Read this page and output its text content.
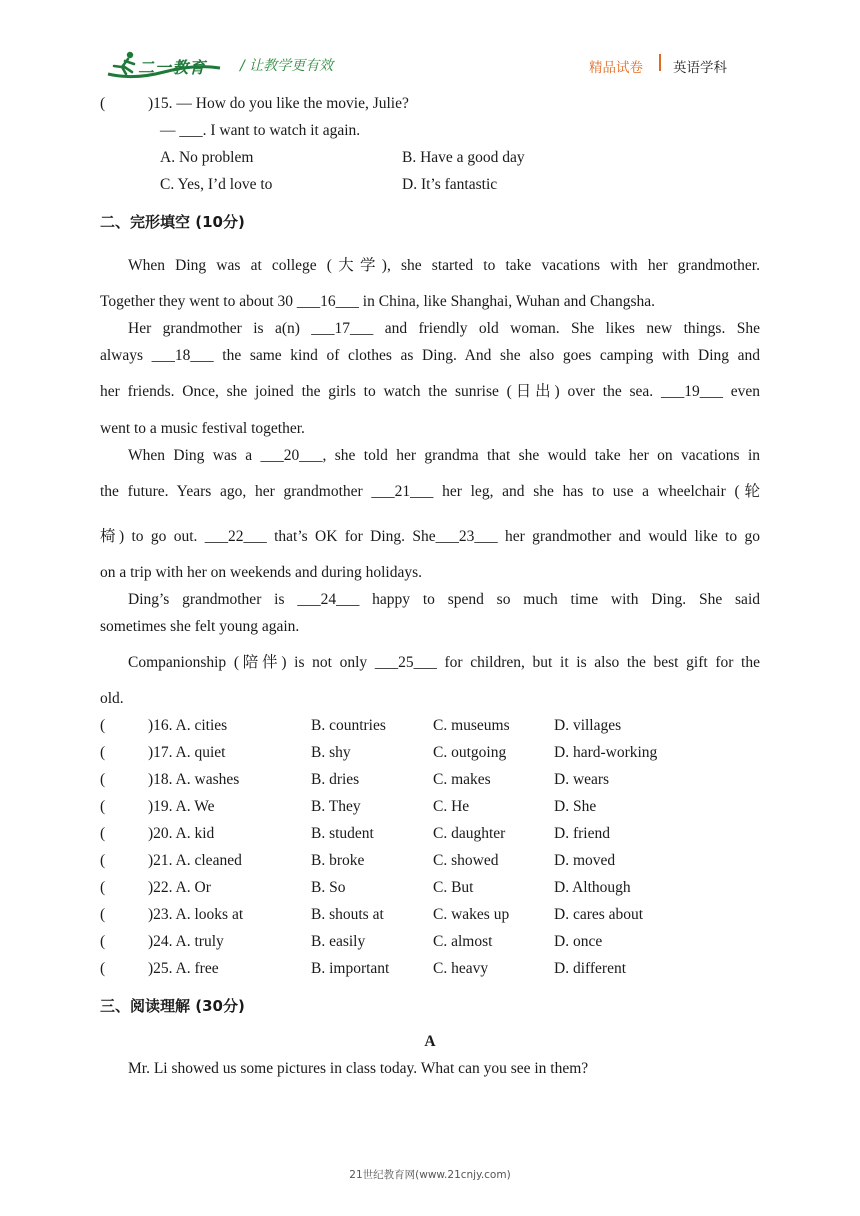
二一教育 / 让教学更有效	精品试卷 英语学科
(	)15. — How do you like the movie, Julie?
— ___. I want to watch it again.
A. No problem	B. Have a good day
C. Yes, I’d love to	D. It’s fantastic
二、完形填空 (10分)
When Ding was at college (大学), she started to take vacations with her grandmother.
Together they went to about 30 ___16___ in China, like Shanghai, Wuhan and Changsha.
Her grandmother is a(n) ___17___ and friendly old woman. She likes new things. She
always ___18___ the same kind of clothes as Ding. And she also goes camping with Ding and
her friends. Once, she joined the girls to watch the sunrise (日出) over the sea. ___19___ even
went to a music festival together.
When Ding was a ___20___, she told her grandma that she would take her on vacations in
the future. Years ago, her grandmother ___21___ her leg, and she has to use a wheelchair (轮
椅) to go out. ___22___ that’s OK for Ding. She___23___ her grandmother and would like to go
on a trip with her on weekends and during holidays.
Ding’s grandmother is ___24___ happy to spend so much time with Ding. She said
sometimes she felt young again.
Companionship (陪伴) is not only ___25___ for children, but it is also the best gift for the
old.
(	)16. A. cities	B. countries	C. museums	D. villages
(	)17. A. quiet	B. shy	C. outgoing	D. hard-working
(	)18. A. washes	B. dries	C. makes	D. wears
(	)19. A. We	B. They	C. He	D. She
(	)20. A. kid	B. student	C. daughter	D. friend
(	)21. A. cleaned	B. broke	C. showed	D. moved
(	)22. A. Or	B. So	C. But	D. Although
(	)23. A. looks at	B. shouts at	C. wakes up	D. cares about
(	)24. A. truly	B. easily	C. almost	D. once
(	)25. A. free	B. important	C. heavy	D. different
三、阅读理解 (30分)
A
Mr. Li showed us some pictures in class today. What can you see in them?
21世纪教育网(www.21cnjy.com)
